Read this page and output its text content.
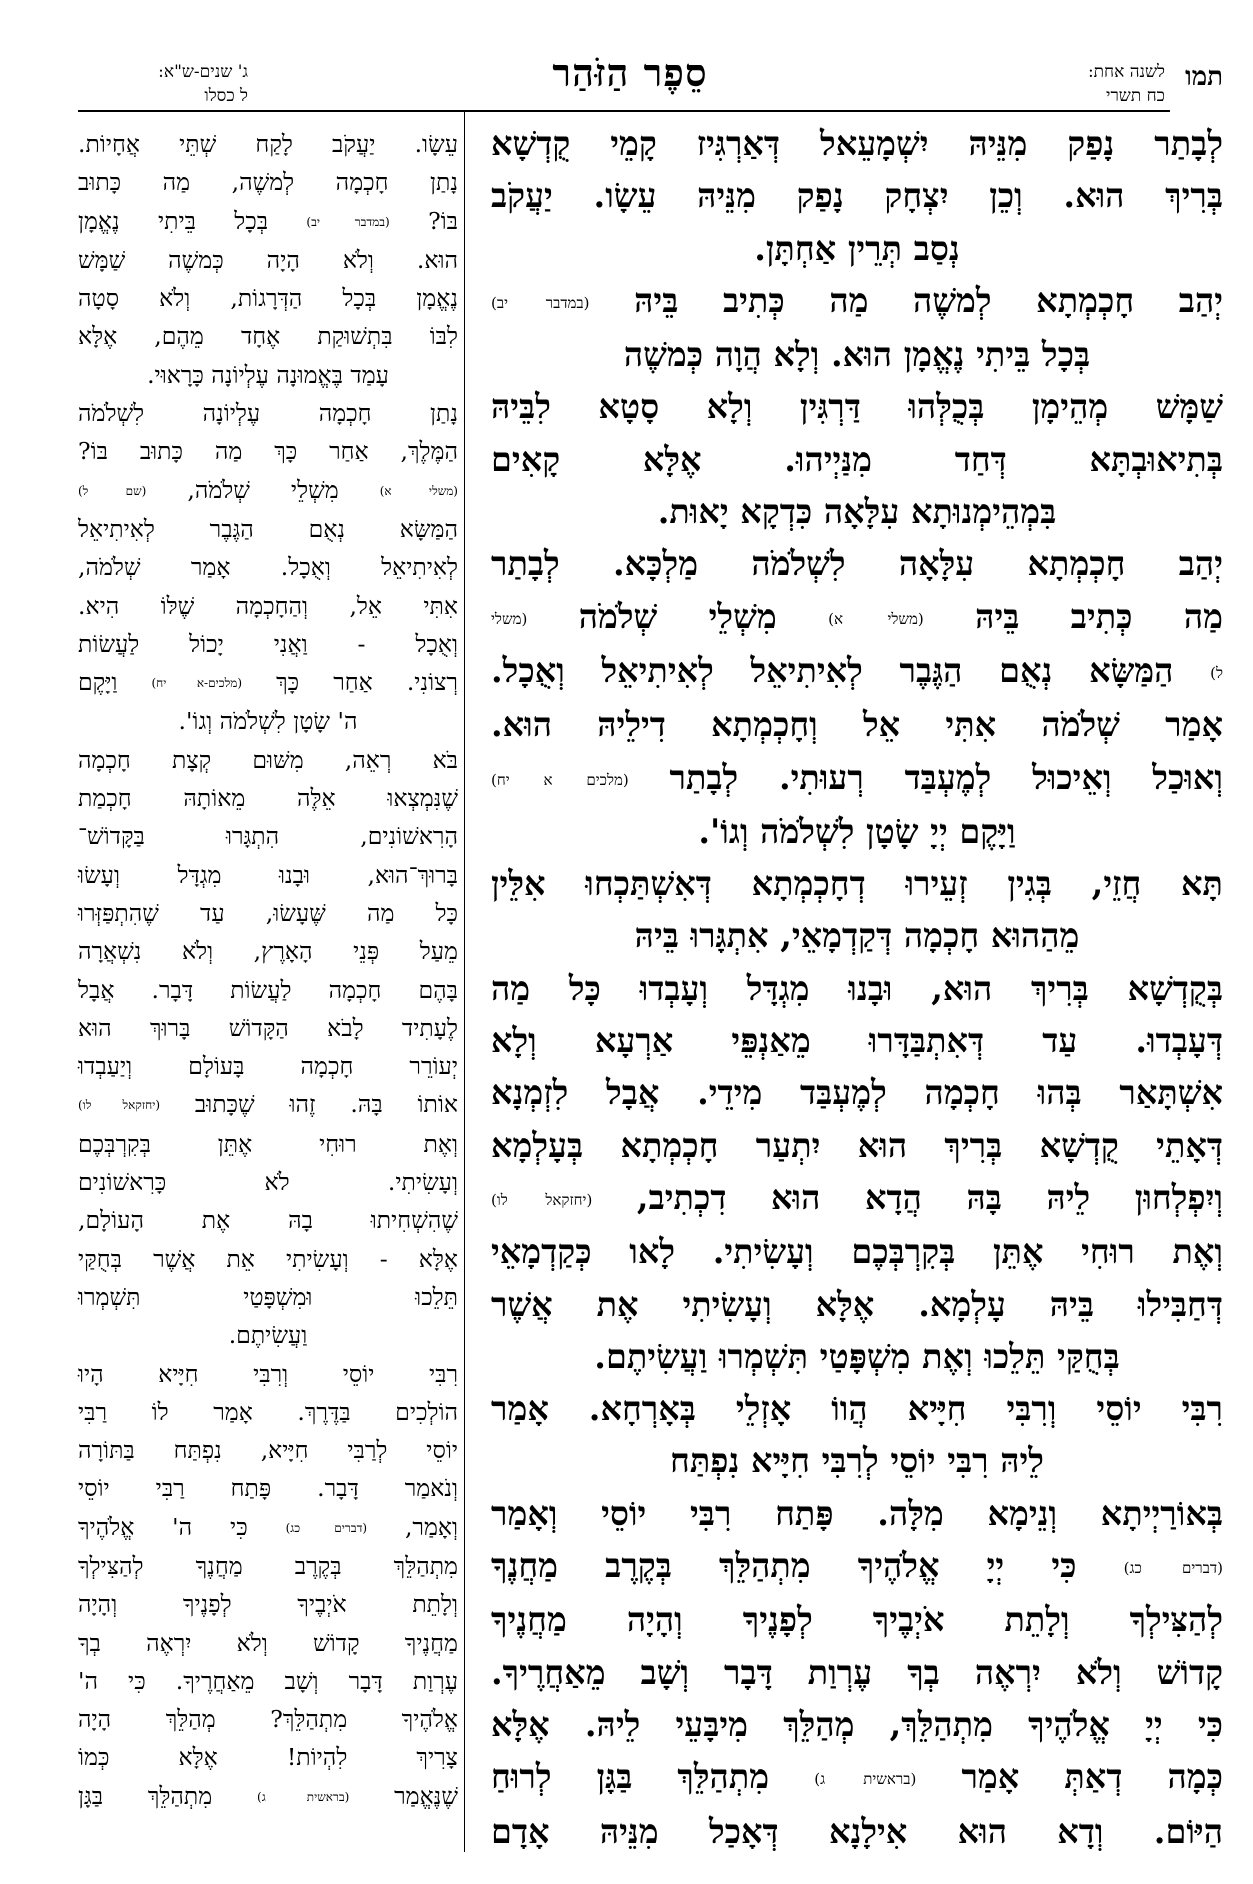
תמו
לשנה אחת:
כח תשרי
סֵפֶר הַזֹּהַר
ג' שנים-ש"א:
ל כסלו

לְבָתַר נָפַק מִנֵּיהּ יִשְׁמָעֵאל דְּאַרְגִּיז קָמֵי קֻדְשָׁא

בְּרִיךְ הוּא. וְכֵן יִצְחָק נָפַק מִנֵּיהּ עֵשָׂו. יַעֲקֹב

נְסַב תְּרֵין אַחְתָּן.

יְהַב חָכְמְתָא לְמשֶׁה מַה כְּתִיב בֵּיהּ (במדבר יב)

בְּכָל בֵּיתִי נֶאֱמָן הוּא. וְלָא הֲוָה כְּמשֶׁה

שַׁמָּשׁ מְהֵימָן בְּכֻלְּהוּ דַּרְגִּין וְלָא סָטָא לִבֵּיהּ

בְּתִיאוּבְתָּא דְּחַד מִנַּיְיהוּ. אֶלָּא קָאִים

בִּמְהֵימְנוּתָא עִלָּאָה כִּדְקָא יָאוּת.

יְהַב חָכְמְתָא עִלָּאָה לִשְׁלֹמֹה מַלְכָּא. לְבָתַר

מַה כְּתִיב בֵּיהּ (משלי א) מִשְׁלֵי שְׁלֹמֹה (משלי

ל) הַמַּשָּׂא נְאֻם הַגֶּבֶר לְאִיתִיאֵל לְאִיתִיאֵל וְאֻכָל.

אָמַר שְׁלֹמֹה אִתִּי אֵל וְחָכְמְתָא דִילֵיהּ הוּא.

וְאוּכַל וְאֵיכוּל לְמֶעְבַּד רְעוּתִי. לְבָתַר (מלכים א יח)

וַיָּקֶם יְיָ שָׂטָן לִשְׁלֹמֹה וְגוֹ'.

תָּא חֲזֵי, בְּגִין זְעֵירוּ דְחָכְמְתָא דְּאִשְׁתַּכְחוּ אִלֵּין

מֵהַהוּא חָכְמָה דְּקַדְמָאֵי, אִתְגָּרוּ בֵּיהּ

בְּקֻדְשָׁא בְּרִיךְ הוּא, וּבָנוּ מִגְדָּל וְעָבְדוּ כָּל מַה

דְּעָבְדוּ. עַד דְּאִתְבַּדָּרוּ מֵאַנְפֵּי אַרְעָא וְלָא

אִשְׁתָּאַר בְּהוּ חָכְמָה לְמֶעְבַּד מִידֵי. אֲבָל לִזְמְנָא

דְּאָתֵי קֻדְשָׁא בְּרִיךְ הוּא יִתְעַר חָכְמְתָא בְּעָלְמָא

וְיִפְלְחוּן לֵיהּ בָּהּ הֲדָא הוּא דִכְתִיב, (יחזקאל לו)

וְאֶת רוּחִי אֶתֵּן בְּקִרְבְּכֶם וְעָשִׂיתִי. לָאו כְּקַדְמָאֵי

דְּחַבִּילוּ בֵּיהּ עָלְמָא. אֶלָּא וְעָשִׂיתִי אֶת אֲשֶׁר

בְּחֻקַּי תֵּלֵכוּ וְאֶת מִשְׁפָּטַי תִּשְׁמְרוּ וַעֲשִׂיתֶם.

רִבִּי יוֹסֵי וְרִבִּי חִיָּיא הֲווֹ אָזְלֵי בְּאָרְחָא. אָמַר

לֵיהּ רִבִּי יוֹסֵי לְרִבִּי חִיָּיא נִפְתַּח

בְּאוֹרַיְיתָא וְנֵימָא מִלָּה. פָּתַח רִבִּי יוֹסֵי וְאָמַר

(דברים כג) כִּי יְיָ אֱלֹהֶיךָ מִתְהַלֵּךְ בְּקֶרֶב מַחֲנֶךָ

לְהַצִּילְךָ וְלָתֵת אֹיְבֶיךָ לְפָנֶיךָ וְהָיָה מַחֲנֶיךָ

קָדוֹשׁ וְלֹא יִרְאֶה בְךָ עֶרְוַת דָּבָר וְשָׁב מֵאַחֲרֶיךָ.

כִּי יְיָ אֱלֹהֶיךָ מִתְהַלֵּךְ, מְהַלֵּךְ מִיבָּעֵי לֵיהּ. אֶלָּא

כְּמָה דְאַתְּ אָמַר (בראשית ג) מִתְהַלֵּךְ בַּגָּן לְרוּחַ

הַיּוֹם. וְדָא הוּא אִילָנָא דְּאָכַל מִנֵּיהּ אָדָם

עֵשָׂו. יַעֲקֹב לָקַח שְׁתֵּי אֲחָיוֹת.

נָתַן חָכְמָה לְמשֶׁה, מַה כָּתוּב

בּוֹ? (במדבר יב) בְּכָל בֵּיתִי נֶאֱמָן

הוּא. וְלֹא הָיָה כְּמשֶׁה שַׁמָּשׁ

נֶאֱמָן בְּכָל הַדְּרָגוֹת, וְלֹא סָטָה

לִבּוֹ בִּתְשׁוּקַת אֶחָד מֵהֶם, אֶלָּא

עָמַד בֶּאֱמוּנָה עֶלְיוֹנָה כָּרָאוּי.

נָתַן חָכְמָה עֶלְיוֹנָה לִשְׁלֹמֹה

הַמֶּלֶךְ, אַחַר כָּךְ מַה כָּתוּב בּוֹ?

(משלי א) מִשְׁלֵי שְׁלֹמֹה, (שם ל)

הַמַּשָּׂא נְאֻם הַגֶּבֶר לְאִיתִיאֵל

לְאִיתִיאֵל וְאֻכָל. אָמַר שְׁלֹמֹה,

אִתִּי אֵל, וְהַחָכְמָה שֶׁלּוֹ הִיא.

וְאֻכָל - וַאֲנִי יָכוֹל לַעֲשׂוֹת

רְצוֹנִי. אַחַר כָּךְ (מלכים-א יח) וַיָּקֶם

ה' שָׂטָן לִשְׁלֹמֹה וְגוֹ'.

בֹּא רְאֵה, מִשּׁוּם קְצָת חָכְמָה

שֶׁנִּמְצְאוּ אֵלֶּה מֵאוֹתָהּ חָכְמַת

הָרִאשׁוֹנִים, הִתְגָּרוּ בַּקָּדוֹשׁ־

בָּרוּךְ־הוּא, וּבָנוּ מִגְדָּל וְעָשׂוּ

כָּל מַה שֶּׁעָשׂוּ, עַד שֶׁהִתְפַּזְּרוּ

מֵעַל פְּנֵי הָאָרֶץ, וְלֹא נִשְׁאֲרָה

בָּהֶם חָכְמָה לַעֲשׂוֹת דָּבָר. אֲבָל

לֶעָתִיד לָבֹא הַקָּדוֹשׁ בָּרוּךְ הוּא

יְעוֹרֵר חָכְמָה בָּעוֹלָם וְיַעַבְדוּ

אוֹתוֹ בָּהּ. זֶהוּ שֶׁכָּתוּב (יחזקאל לו)

וְאֶת רוּחִי אֶתֵּן בְּקִרְבְּכֶם

וְעָשִׂיתִי. לֹא כָּרִאשׁוֹנִים

שֶׁהִשְׁחִיתוּ בָהּ אֶת הָעוֹלָם,

אֶלָּא - וְעָשִׂיתִי אֵת אֲשֶׁר בְּחֻקַּי

תֵּלֵכוּ וּמִשְׁפָּטַי תִּשְׁמְרוּ

וַעֲשִׂיתֶם.

רִבִּי יוֹסֵי וְרִבִּי חִיָּיא הָיוּ

הוֹלְכִים בַּדֶּרֶךְ. אָמַר לוֹ רַבִּי

יוֹסֵי לְרַבִּי חִיָּיא, נִפְתַּח בַּתּוֹרָה

וְנֹאמַר דָּבָר. פָּתַח רַבִּי יוֹסֵי

וְאָמַר, (דברים כג) כִּי ה' אֱלֹהֶיךָ

מִתְהַלֵּךְ בְּקֶרֶב מַחֲנֶךָ לְהַצִּילְךָ

וְלָתֵת אֹיְבֶיךָ לְפָנֶיךָ וְהָיָה

מַחֲנֶיךָ קָדוֹשׁ וְלֹא יִרְאֶה בְךָ

עֶרְוַת דָּבָר וְשָׁב מֵאַחֲרֶיךָ. כִּי ה'

אֱלֹהֶיךָ מִתְהַלֵּךְ? מְהַלֵּךְ הָיָה

צָרִיךְ לִהְיוֹת! אֶלָּא כְּמוֹ

שֶׁנֶּאֱמַר (בראשית ג) מִתְהַלֵּךְ בַּגָּן
